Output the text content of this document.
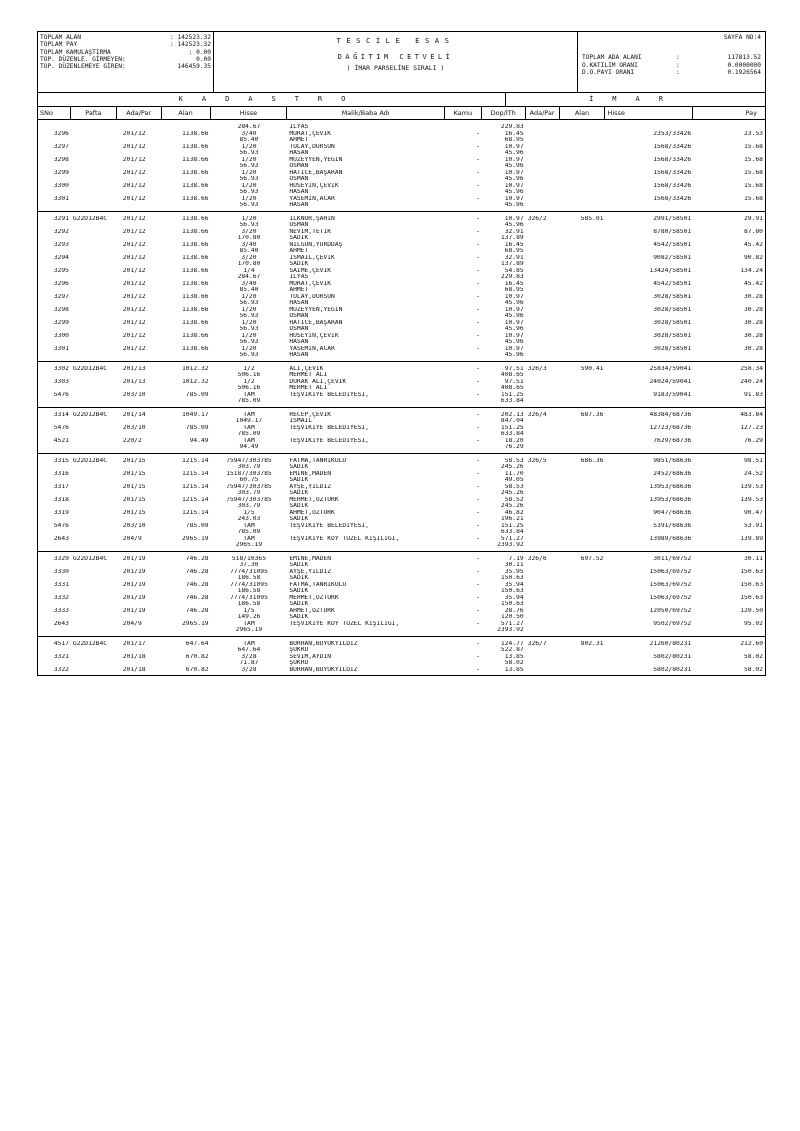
TOPLAM ALAN	: 142523.32
TOPLAM PAY	: 142523.32
TOPLAM KAMULAŞTIRMA	: 0.00
TOP. DÜZENLE. GİRMEYEN:	0.00
TOP. DÜZENLEMEYE GİREN:	146459.35
TESCİLE ESAS
DAĞITIM CETVELİ
( İMAR PARSELİNE SIRALI )
SAYFA NO:4
TOPLAM ADA ALANI	:	117813.52
O.KATILIM ORANI	:	0.0000000
D.O.PAYI ORANI	:	0.1926564
KADASTRO	İMAR
SNo	Pafta	Ada/Par	Alan	Hisse	Malik/Baba Adı	Kamu	Dop/İTh	Ada/Par	Alan	Hisse	Pay
284.67	İLYAS	229.83
3296	201/12	1138.66	3/40	MURAT,ÇEVİK	-	16.45	2353/33426	23.53
85.40	AHMET	68.95
3297	201/12	1138.66	1/20	TÜLAY,DURSUN	-	10.97	1568/33426	15.68
56.93	HASAN	45.96
3298	201/12	1138.66	1/20	MÜZEYYEN,YEĞİN	-	10.97	1568/33426	15.68
56.93	OSMAN	45.96
3299	201/12	1138.66	1/20	HATİCE,BAŞARAN	-	10.97	1568/33426	15.68
56.93	OSMAN	45.96
3300	201/12	1138.66	1/20	HÜSEYİN,ÇEVİK	-	10.97	1568/33426	15.68
56.93	HASAN	45.96
3301	201/12	1138.66	1/20	YASEMİN,ACAR	-	10.97	1568/33426	15.68
56.93	HASAN	45.96
3291 G22D12B4C	201/12	1138.66	1/20	İLKNUR,ŞAHİN	-	10.97 326/2	585.01	2991/58501	29.91
56.93	OSMAN	45.96
3292	201/12	1138.66	3/20	NEVİM,TETİK	-	32.91	8780/58501	87.80
170.80	SADIK	137.89
3293	201/12	1138.66	3/40	NİLGÜN,YURDDAŞ	-	16.45	4542/58501	45.42
85.40	AHMET	68.95
3294	201/12	1138.66	3/20	İSMAİL,ÇEVİK	-	32.91	9082/58501	90.82
170.80	SADIK	137.89
3295	201/12	1138.66	1/4	SAİME,ÇEVİK	-	54.85	13424/58501	134.24
284.67	İLYAS	229.83
3296	201/12	1138.66	3/40	MURAT,ÇEVİK	-	16.45	4542/58501	45.42
85.40	AHMET	68.95
3297	201/12	1138.66	1/20	TÜLAY,DURSUN	-	10.97	3028/58501	30.28
56.93	HASAN	45.96
3298	201/12	1138.66	1/20	MÜZEYYEN,YEĞİN	-	10.97	3028/58501	30.28
56.93	OSMAN	45.96
3299	201/12	1138.66	1/20	HATİCE,BAŞARAN	-	10.97	3028/58501	30.28
56.93	OSMAN	45.96
3300	201/12	1138.66	1/20	HÜSEYİN,ÇEVİK	-	10.97	3028/58501	30.28
56.93	HASAN	45.96
3301	201/12	1138.66	1/20	YASEMİN,ACAR	-	10.97	3028/58501	30.28
56.93	HASAN	45.96
3302 G22D12B4C	201/13	1012.32	1/2	ALİ,ÇEVİK	-	97.51 326/3	590.41	25834/59041	258.34
506.16	MEHMET ALİ	408.65
3303	201/13	1012.32	1/2	DURAK ALİ,ÇEVİK	-	97.51	24024/59041	240.24
506.16	MEHMET ALİ	408.65
5476	203/10	785.09	TAM	TEŞVİKİYE BELEDİYESİ,	-	151.25	9183/59041	91.83
785.09	633.84
3314 G22D12B4C	201/14	1049.17	TAM	RECEP,ÇEVİK	-	202.13 326/4	687.36	48384/68736	483.84
1049.17	İSMAİL	847.04
5476	203/10	785.09	TAM	TEŞVİKİYE BELEDİYESİ,	-	151.25	12723/68736	127.23
785.09	633.84
4521	220/2	94.49	TAM	TEŞVİKİYE BELEDİYESİ,	-	18.20	7629/68736	76.29
94.49	76.29
3315 G22D12B4C	201/15	1215.14	75947/303785	FATMA,TANRIKULU	-	58.53 326/5	686.36	9851/68636	98.51
303.79	SADIK	245.26
3316	201/15	1215.14	15187/303785	EMİNE,MADEN	-	11.70	2452/68636	24.52
60.75	SADIK	49.05
3317	201/15	1215.14	75947/303785	AYŞE,YILDIZ	-	58.53	13953/68636	139.53
303.79	SADIK	245.26
3318	201/15	1215.14	75947/303785	MEHMET,ÖZTÜRK	-	58.52	13953/68636	139.53
303.79	SADIK	245.26
3319	201/15	1215.14	1/5	AHMET,ÖZTÜRK	-	46.82	9047/68636	90.47
243.03	SADIK	196.21
5476	203/10	785.09	TAM	TEŞVİKİYE BELEDİYESİ,	-	151.25	5391/68636	53.91
785.09	633.84
2643	204/9	2965.19	TAM	TEŞVİKİYE KÖY TÜZEL KİŞİLİĞİ,	-	571.27	13989/68636	139.89
2965.19	2393.92
3329 G22D12B4C	201/19	746.28	518/10365	EMİNE,MADEN	-	7.19 326/6	697.52	3011/69752	30.11
37.30	SADIK	30.11
3330	201/19	746.28	7774/31095	AYŞE,YILDIZ	-	35.95	15063/69752	150.63
186.58	SADIK	150.63
3331	201/19	746.28	7774/31095	FATMA,TANRIKULU	-	35.94	15063/69752	150.63
186.58	SADIK	150.63
3332	201/19	746.28	7774/31095	MEHMET,ÖZTÜRK	-	35.94	15063/69752	150.63
186.58	SADIK	150.63
3333	201/19	746.28	1/5	AHMET,ÖZTÜRK	-	28.76	12050/69752	120.50
149.26	SADIK	120.50
2643	204/9	2965.19	TAM	TEŞVİKİYE KÖY TÜZEL KİŞİLİĞİ,	-	571.27	9502/69752	95.02
2965.19	2393.92
4517 G22D12B4C	201/17	647.64	TAM	BURHAN,BÜYÜKYILDIZ	-	124.77 326/7	802.31	21260/80231	212.60
647.64	ŞÜKRÜ	522.87
3321	201/18	670.82	3/28	SEVİM,AYDIN	-	13.85	5802/80231	58.02
71.87	ŞÜKRÜ	58.02
3322	201/18	670.82	3/28	BURHAN,BÜYÜKYILDIZ	-	13.85	5802/80231	58.02
